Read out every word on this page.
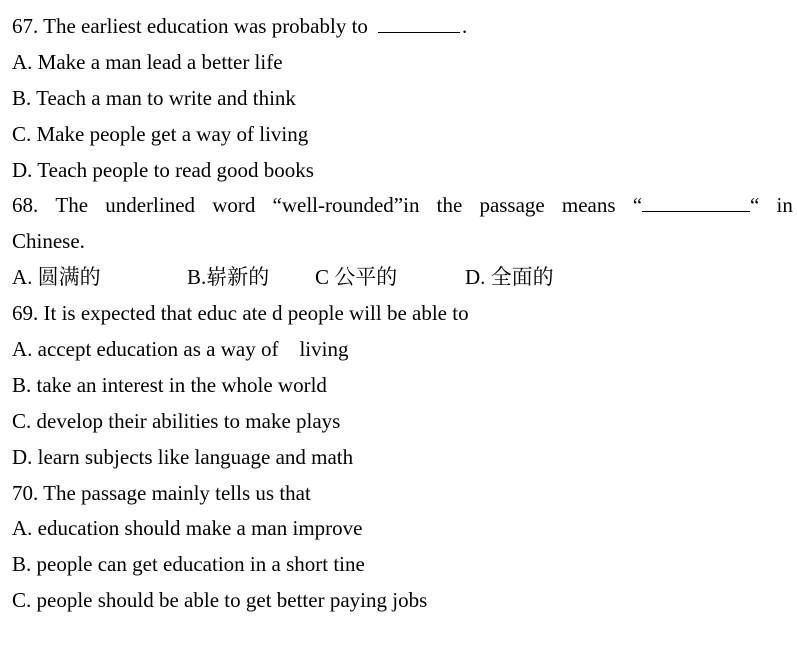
67. The earliest education was probably to	.
A. Make a man lead a better life
B. Teach a man to write and think
C. Make people get a way of living
D. Teach people to read good books
68. The underlined word “well-rounded”in the passage means “	“ in
Chinese.
A. 圆满的	B.崭新的 C 公平的	D. 全面的
69. It is expected that educ ate d people will be able to
A. accept education as a way of    living
B. take an interest in the whole world
C. develop their abilities to make plays
D. learn subjects like language and math
70. The passage mainly tells us that
A. education should make a man improve
B. people can get education in a short tine
C. people should be able to get better paying jobs
